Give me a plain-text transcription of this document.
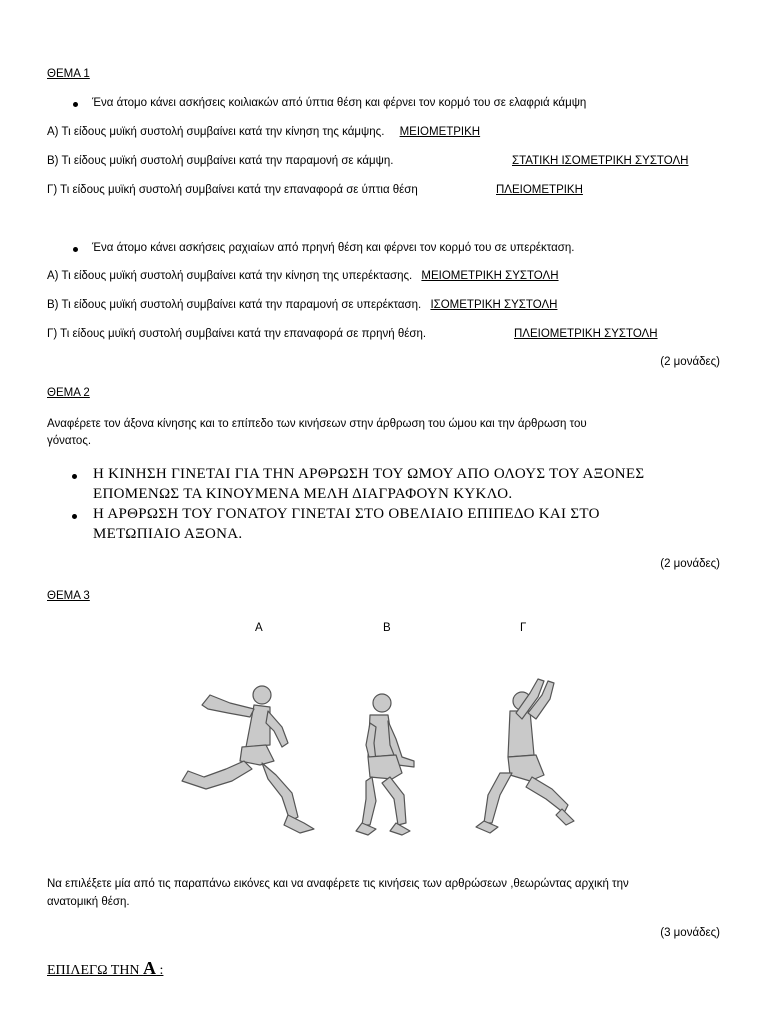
ΘΕΜΑ 1
Ένα άτομο κάνει ασκήσεις κοιλιακών από ύπτια θέση και φέρνει τον κορμό του σε ελαφριά κάμψη
Α) Τι είδους μυϊκή συστολή συμβαίνει κατά την κίνηση της κάμψης. ΜΕΙΟΜΕΤΡΙΚΗ
Β) Τι είδους μυϊκή συστολή συμβαίνει κατά την παραμονή σε κάμψη.	ΣΤΑΤΙΚΗ ΙΣΟΜΕΤΡΙΚΗ ΣΥΣΤΟΛΗ
Γ) Τι είδους μυϊκή συστολή συμβαίνει κατά την επαναφορά σε ύπτια θέση	ΠΛΕΙΟΜΕΤΡΙΚΗ
Ένα άτομο κάνει ασκήσεις ραχιαίων από πρηνή θέση και φέρνει τον κορμό του σε υπερέκταση.
Α) Τι είδους μυϊκή συστολή συμβαίνει κατά την κίνηση της υπερέκτασης. ΜΕΙΟΜΕΤΡΙΚΗ ΣΥΣΤΟΛΗ
Β) Τι είδους μυϊκή συστολή συμβαίνει κατά την παραμονή σε υπερέκταση. ΙΣΟΜΕΤΡΙΚΗ ΣΥΣΤΟΛΗ
Γ) Τι είδους μυϊκή συστολή συμβαίνει κατά την επαναφορά σε πρηνή θέση.	ΠΛΕΙΟΜΕΤΡΙΚΗ ΣΥΣΤΟΛΗ
(2 μονάδες)
ΘΕΜΑ 2
Αναφέρετε τον άξονα κίνησης και το επίπεδο των κινήσεων στην άρθρωση του ώμου και την άρθρωση του
γόνατος.
Η ΚΙΝΗΣΗ ΓΙΝΕΤΑΙ ΓΙΑ ΤΗΝ ΑΡΘΡΩΣΗ ΤΟΥ ΩΜΟΥ ΑΠΟ ΟΛΟΥΣ ΤΟΥ ΑΞΟΝΕΣ
ΕΠΟΜΕΝΩΣ ΤΑ ΚΙΝΟΥΜΕΝΑ ΜΕΛΗ ΔΙΑΓΡΑΦΟΥΝ ΚΥΚΛΟ.
Η ΑΡΘΡΩΣΗ ΤΟΥ ΓΟΝΑΤΟΥ ΓΙΝΕΤΑΙ ΣΤΟ ΟΒΕΛΙΑΙΟ ΕΠΙΠΕΔΟ ΚΑΙ ΣΤΟ
ΜΕΤΩΠΙΑΙΟ ΑΞΟΝΑ.
(2 μονάδες)
ΘΕΜΑ 3
Α	Β	Γ
Να επιλέξετε μία από τις παραπάνω εικόνες και να αναφέρετε τις κινήσεις των αρθρώσεων ,θεωρώντας αρχική την
ανατομική θέση.
(3 μονάδες)
ΕΠΙΛΕΓΩ ΤΗΝ Α :
